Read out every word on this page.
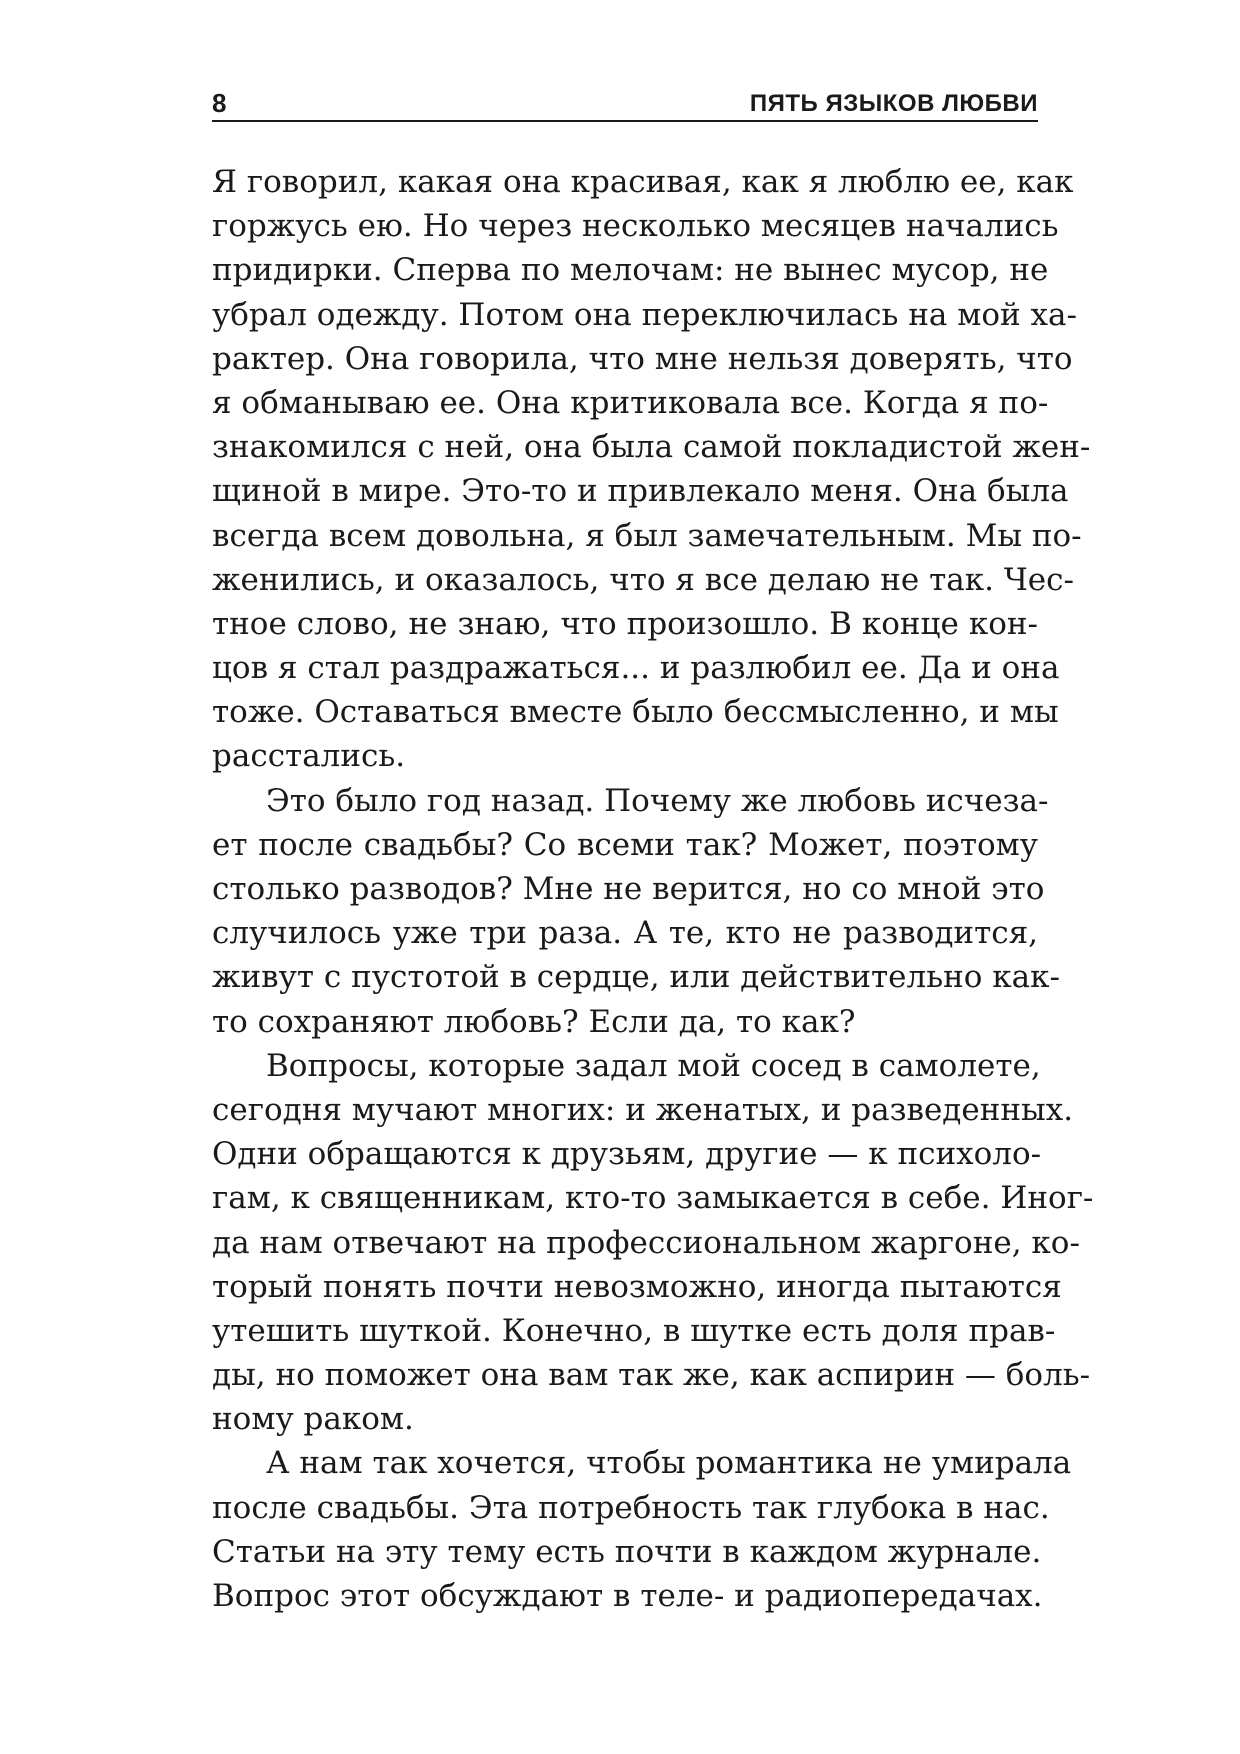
8	ПЯТЬ ЯЗЫКОВ ЛЮБВИ
Я говорил, какая она красивая, как я люблю ее, как
горжусь ею. Но через несколько месяцев начались
придирки. Сперва по мелочам: не вынес мусор, не
убрал одежду. Потом она переключилась на мой ха-
рактер. Она говорила, что мне нельзя доверять, что
я обманываю ее. Она критиковала все. Когда я по-
знакомился с ней, она была самой покладистой жен-
щиной в мире. Это-то и привлекало меня. Она была
всегда всем довольна, я был замечательным. Мы по-
женились, и оказалось, что я все делаю не так. Чес-
тное слово, не знаю, что произошло. В конце кон-
цов я стал раздражаться... и разлюбил ее. Да и она
тоже. Оставаться вместе было бессмысленно, и мы
расстались.
Это было год назад. Почему же любовь исчеза-
ет после свадьбы? Со всеми так? Может, поэтому
столько разводов? Мне не верится, но со мной это
случилось уже три раза. А те, кто не разводится,
живут с пустотой в сердце, или действительно как-
то сохраняют любовь? Если да, то как?
Вопросы, которые задал мой сосед в самолете,
сегодня мучают многих: и женатых, и разведенных.
Одни обращаются к друзьям, другие — к психоло-
гам, к священникам, кто-то замыкается в себе. Иног-
да нам отвечают на профессиональном жаргоне, ко-
торый понять почти невозможно, иногда пытаются
утешить шуткой. Конечно, в шутке есть доля прав-
ды, но поможет она вам так же, как аспирин — боль-
ному раком.
А нам так хочется, чтобы романтика не умирала
после свадьбы. Эта потребность так глубока в нас.
Статьи на эту тему есть почти в каждом журнале.
Вопрос этот обсуждают в теле- и радиопередачах.
